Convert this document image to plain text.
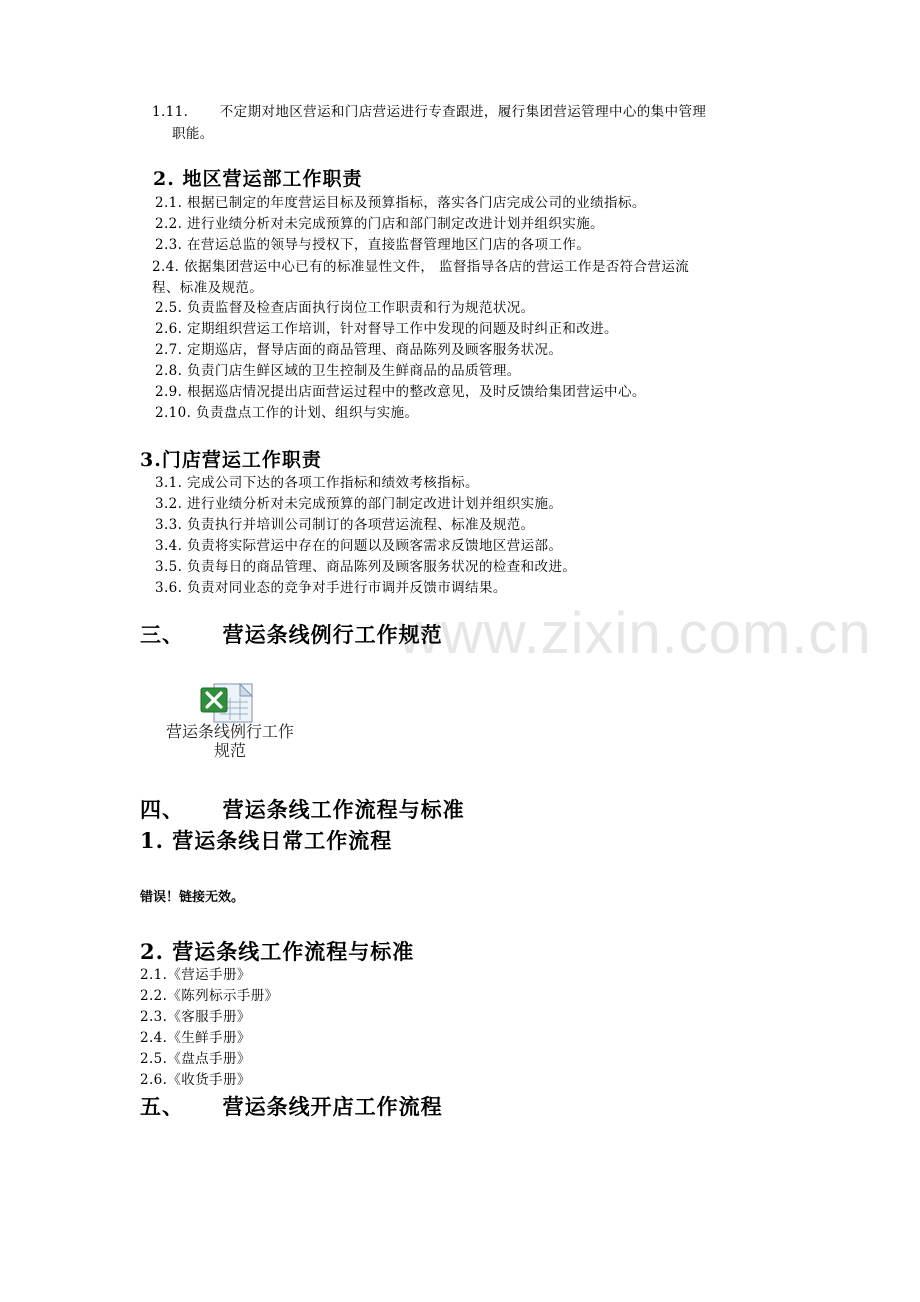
www.zixin.com.cn
1.11. 不定期对地区营运和门店营运进行专查跟进，履行集团营运管理中心的集中管理
职能。
2. 地区营运部工作职责
2.1. 根据已制定的年度营运目标及预算指标，落实各门店完成公司的业绩指标。
2.2. 进行业绩分析对未完成预算的门店和部门制定改进计划并组织实施。
2.3. 在营运总监的领导与授权下，直接监督管理地区门店的各项工作。
2.4. 依据集团营运中心已有的标准显性文件， 监督指导各店的营运工作是否符合营运流
程、标准及规范。
2.5. 负责监督及检查店面执行岗位工作职责和行为规范状况。
2.6. 定期组织营运工作培训，针对督导工作中发现的问题及时纠正和改进。
2.7. 定期巡店，督导店面的商品管理、商品陈列及顾客服务状况。
2.8. 负责门店生鲜区域的卫生控制及生鲜商品的品质管理。
2.9. 根据巡店情况提出店面营运过程中的整改意见，及时反馈给集团营运中心。
2.10. 负责盘点工作的计划、组织与实施。
3.门店营运工作职责
3.1. 完成公司下达的各项工作指标和绩效考核指标。
3.2. 进行业绩分析对未完成预算的部门制定改进计划并组织实施。
3.3. 负责执行并培训公司制订的各项营运流程、标准及规范。
3.4. 负责将实际营运中存在的问题以及顾客需求反馈地区营运部。
3.5. 负责每日的商品管理、商品陈列及顾客服务状况的检查和改进。
3.6. 负责对同业态的竞争对手进行市调并反馈市调结果。
三、 营运条线例行工作规范
营运条线例行工作
规范
四、 营运条线工作流程与标准
1. 营运条线日常工作流程
错误！链接无效。
2. 营运条线工作流程与标准
2.1.《营运手册》
2.2.《陈列标示手册》
2.3.《客服手册》
2.4.《生鲜手册》
2.5.《盘点手册》
2.6.《收货手册》
五、 营运条线开店工作流程
